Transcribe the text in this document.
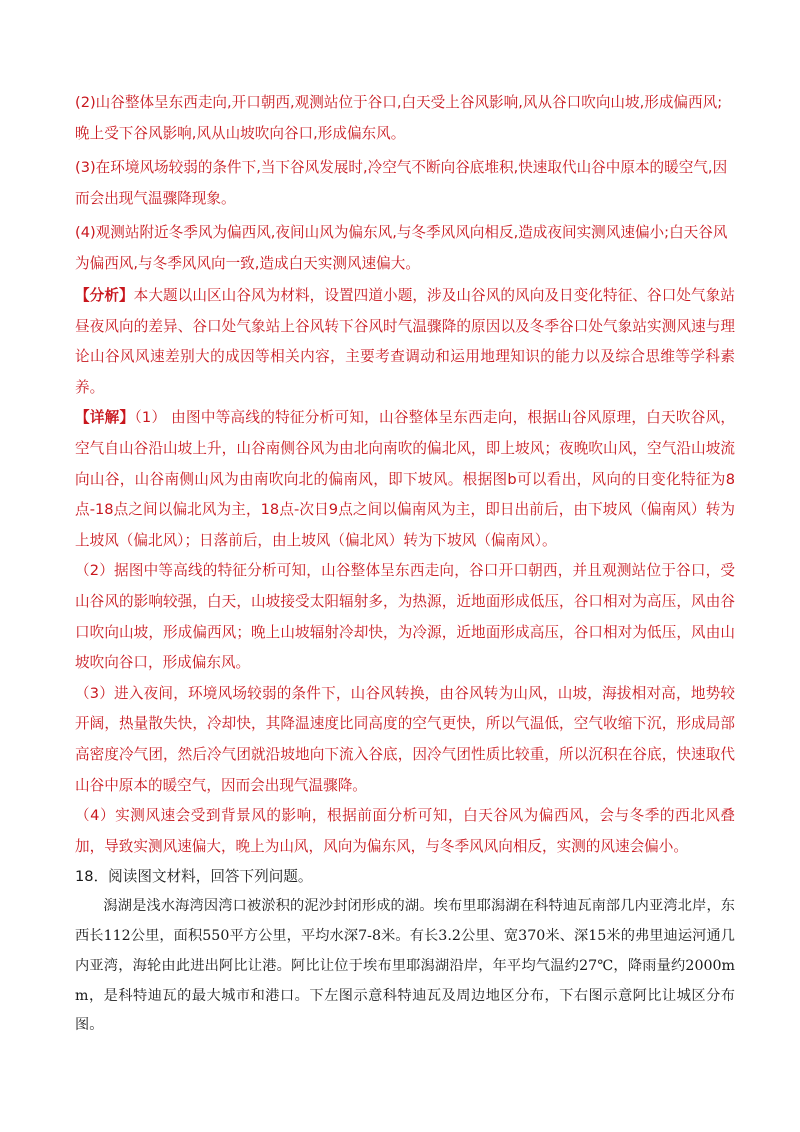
(2)山谷整体呈东西走向,开口朝西,观测站位于谷口,白天受上谷风影响,风从谷口吹向山坡,形成偏西风;晚上受下谷风影响,风从山坡吹向谷口,形成偏东风。

(3)在环境风场较弱的条件下,当下谷风发展时,冷空气不断向谷底堆积,快速取代山谷中原本的暖空气,因而会出现气温骤降现象。

(4)观测站附近冬季风为偏西风,夜间山风为偏东风,与冬季风风向相反,造成夜间实测风速偏小;白天谷风为偏西风,与冬季风风向一致,造成白天实测风速偏大。

【分析】本大题以山区山谷风为材料，设置四道小题，涉及山谷风的风向及日变化特征、谷口处气象站昼夜风向的差异、谷口处气象站上谷风转下谷风时气温骤降的原因以及冬季谷口处气象站实测风速与理论山谷风风速差别大的成因等相关内容，主要考查调动和运用地理知识的能力以及综合思维等学科素养。

【详解】（1） 由图中等高线的特征分析可知，山谷整体呈东西走向，根据山谷风原理，白天吹谷风，空气自山谷沿山坡上升，山谷南侧谷风为由北向南吹的偏北风，即上坡风；夜晚吹山风，空气沿山坡流向山谷，山谷南侧山风为由南吹向北的偏南风，即下坡风。根据图b可以看出，风向的日变化特征为8点-18点之间以偏北风为主，18点-次日9点之间以偏南风为主，即日出前后，由下坡风（偏南风）转为上坡风（偏北风）；日落前后，由上坡风（偏北风）转为下坡风（偏南风）。

（2）据图中等高线的特征分析可知，山谷整体呈东西走向，谷口开口朝西，并且观测站位于谷口，受山谷风的影响较强，白天，山坡接受太阳辐射多，为热源，近地面形成低压，谷口相对为高压，风由谷口吹向山坡，形成偏西风；晚上山坡辐射冷却快，为冷源，近地面形成高压，谷口相对为低压，风由山坡吹向谷口，形成偏东风。

（3）进入夜间，环境风场较弱的条件下，山谷风转换，由谷风转为山风，山坡，海拔相对高，地势较开阔，热量散失快，冷却快，其降温速度比同高度的空气更快，所以气温低，空气收缩下沉，形成局部高密度冷气团，然后冷气团就沿坡地向下流入谷底，因冷气团性质比较重，所以沉积在谷底，快速取代山谷中原本的暖空气，因而会出现气温骤降。

（4）实测风速会受到背景风的影响，根据前面分析可知，白天谷风为偏西风，会与冬季的西北风叠加，导致实测风速偏大，晚上为山风，风向为偏东风，与冬季风风向相反，实测的风速会偏小。

18．阅读图文材料，回答下列问题。

潟湖是浅水海湾因湾口被淤积的泥沙封闭形成的湖。埃布里耶潟湖在科特迪瓦南部几内亚湾北岸，东西长112公里，面积550平方公里，平均水深7-8米。有长3.2公里、宽370米、深15米的弗里迪运河通几内亚湾，海轮由此进出阿比让港。阿比让位于埃布里耶潟湖沿岸，年平均气温约27℃，降雨量约2000mm，是科特迪瓦的最大城市和港口。下左图示意科特迪瓦及周边地区分布，下右图示意阿比让城区分布图。
